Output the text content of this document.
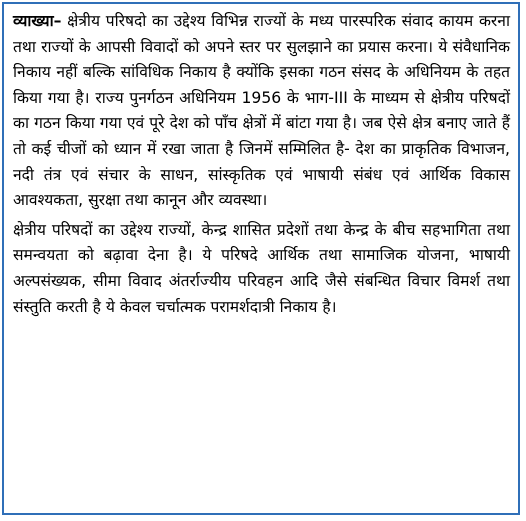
व्याख्या– क्षेत्रीय परिषदो का उद्देश्य विभिन्न राज्यों के मध्य पारस्परिक संवाद कायम करना तथा राज्यों के आपसी विवादों को अपने स्तर पर सुलझाने का प्रयास करना। ये संवैधानिक निकाय नहीं बल्कि सांविधिक निकाय है क्योंकि इसका गठन संसद के अधिनियम के तहत किया गया है। राज्य पुनर्गठन अधिनियम 1956 के भाग-III के माध्यम से क्षेत्रीय परिषदों का गठन किया गया एवं पूरे देश को पाँच क्षेत्रों में बांटा गया है। जब ऐसे क्षेत्र बनाए जाते हैं तो कई चीजों को ध्यान में रखा जाता है जिनमें सम्मिलित है- देश का प्राकृतिक विभाजन, नदी तंत्र एवं संचार के साधन, सांस्कृतिक एवं भाषायी संबंध एवं आर्थिक विकास आवश्यकता, सुरक्षा तथा कानून और व्यवस्था।

क्षेत्रीय परिषदों का उद्देश्य राज्यों, केन्द्र शासित प्रदेशों तथा केन्द्र के बीच सहभागिता तथा समन्वयता को बढ़ावा देना है। ये परिषदे आर्थिक तथा सामाजिक योजना, भाषायी अल्पसंख्यक, सीमा विवाद अंतर्राज्यीय परिवहन आदि जैसे संबन्धित विचार विमर्श तथा संस्तुति करती है ये केवल चर्चात्मक परामर्शदात्री निकाय है।
